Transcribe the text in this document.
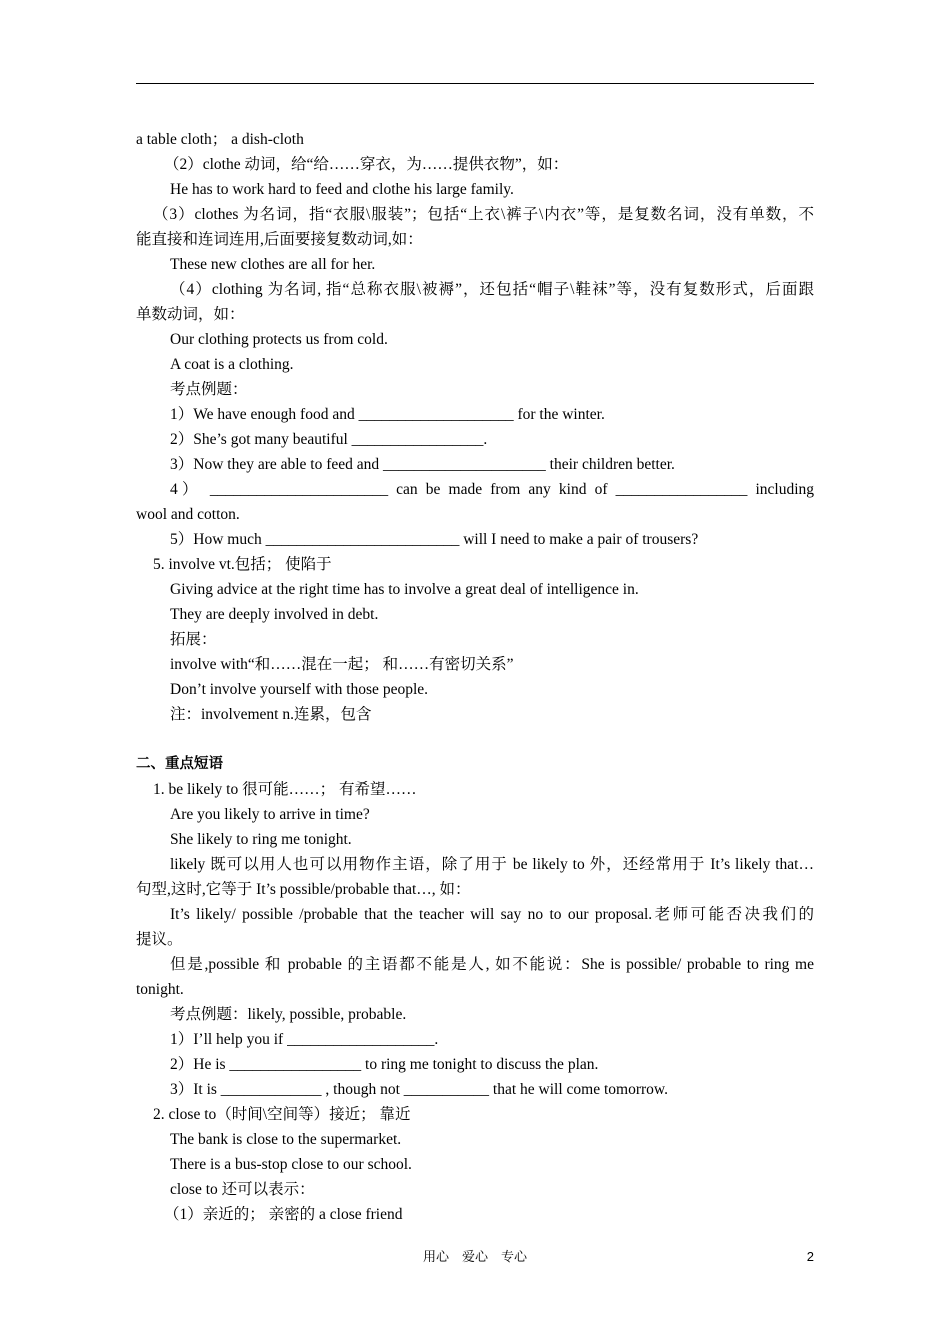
a table cloth； a dish-cloth
（2）clothe 动词，给“给……穿衣，为……提供衣物”，如：
He has to work hard to feed and clothe his large family.
（3）clothes 为名词，指“衣服\服装”；包括“上衣\裤子\内衣”等，是复数名词，没有单数，不
能直接和连词连用,后面要接复数动词,如：
These new clothes are all for her.
（4）clothing 为名词, 指“总称衣服\被褥”，还包括“帽子\鞋袜”等，没有复数形式，后面跟
单数动词，如：
Our clothing protects us from cold.
A coat is a clothing.
考点例题：
1）We have enough food and ____________________ for the winter.
2）She’s got many beautiful _________________.
3）Now they are able to feed and _____________________ their children better.
4） _______________________ can be made from any kind of _________________ including
wool and cotton.
5）How much _________________________ will I need to make a pair of trousers?
5. involve vt.包括； 使陷于
Giving advice at the right time has to involve a great deal of intelligence in.
They are deeply involved in debt.
拓展：
involve with“和……混在一起； 和……有密切关系”
Don’t involve yourself with those people.
注：involvement n.连累，包含
二、重点短语
1. be likely to 很可能……； 有希望……
Are you likely to arrive in time?
She likely to ring me tonight.
likely 既可以用人也可以用物作主语，除了用于 be likely to 外，还经常用于 It’s likely that…
句型,这时,它等于 It’s possible/probable that…, 如：
It’s likely/ possible /probable that the teacher will say no to our proposal.老师可能否决我们的
提议。
但是,possible 和 probable 的主语都不能是人, 如不能说：She is possible/ probable to ring me
tonight.
考点例题：likely, possible, probable.
1）I’ll help you if ___________________.
2）He is _________________ to ring me tonight to discuss the plan.
3）It is _____________ , though not ___________ that he will come tomorrow.
2. close to（时间\空间等）接近； 靠近
The bank is close to the supermarket.
There is a bus-stop close to our school.
close to 还可以表示：
（1）亲近的； 亲密的 a close friend
用心　爱心　专心	2
